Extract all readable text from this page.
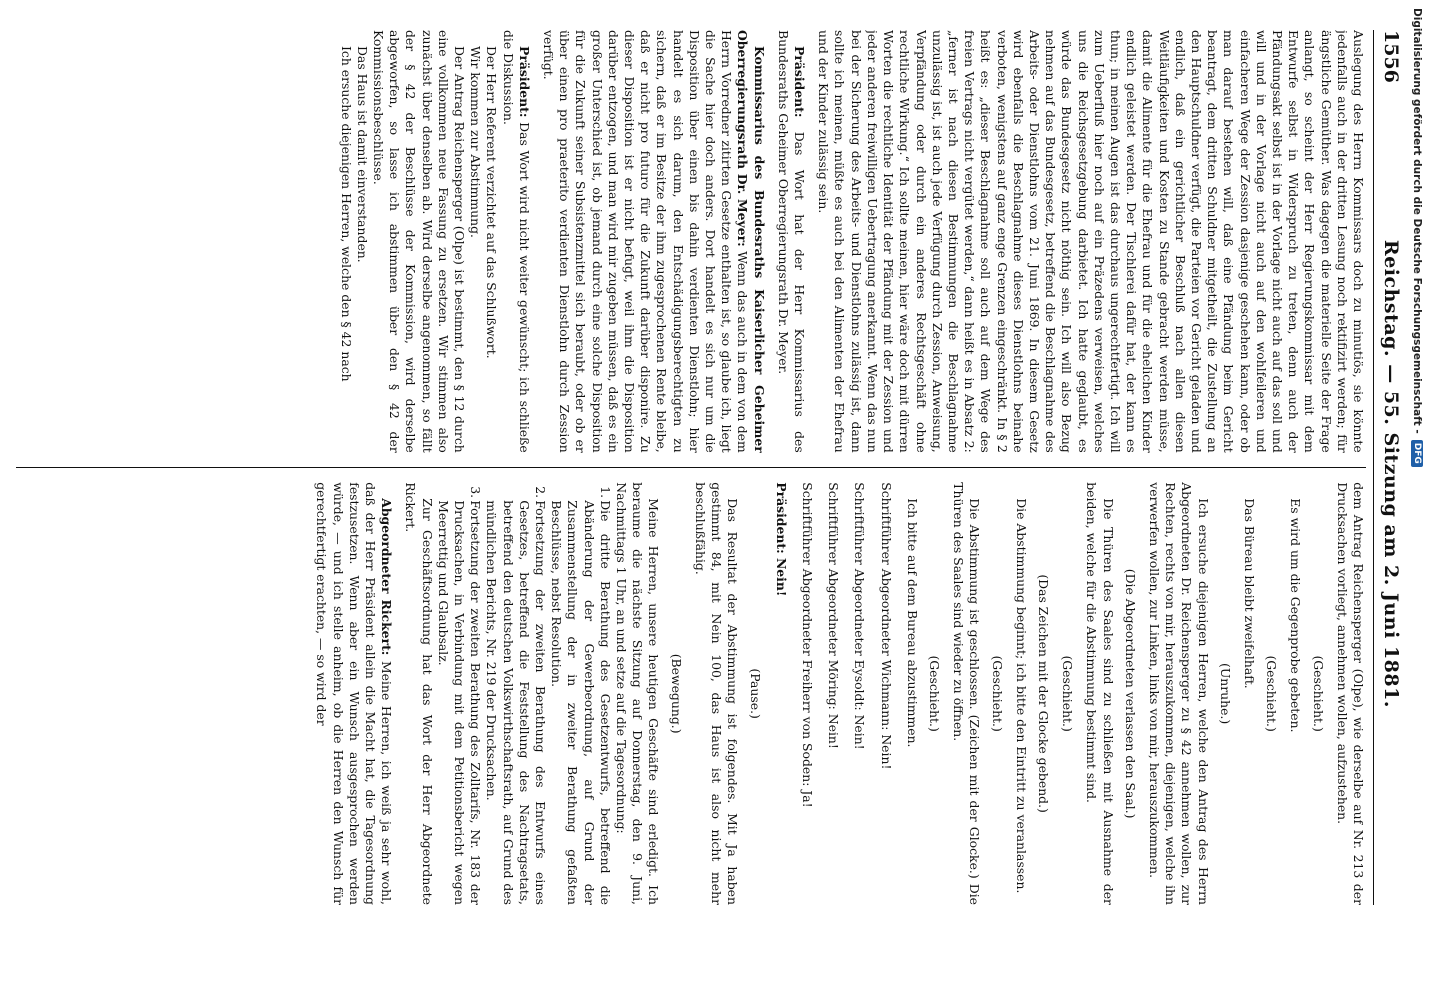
1556
Reichstag. — 55. Sitzung am 2. Juni 1881.

Auslegung des Herrn Kommissars doch zu minutiös, sie könnte jedenfalls auch in der dritten Lesung noch rektifizirt werden; für ängstliche Gemüther. Was dagegen die materielle Seite der Frage anlangt, so scheint der Herr Regierungskommissar mit dem Entwurfe selbst in Widerspruch zu treten, denn auch der Pfändungsakt selbst ist in der Vorlage nicht auch auf das soll und will und in der Vorlage nicht auch auf den wohlfeileren und einfacheren Wege der Zession dasjenige geschehen kann, oder ob man darauf bestehen will, daß eine Pfändung beim Gericht beantragt, dem dritten Schuldner mitgetheilt, die Zustellung an den Hauptschuldner verfügt, die Parteien vor Gericht geladen und endlich, daß ein gerichtlicher Beschluß nach allen diesen Weitläufigkeiten und Kosten zu Stande gebracht werden müsse, damit die Alimente für die Ehefrau und für die ehelichen Kinder endlich geleistet werden. Der Tischlerei dafür hat, der kann es thun; in meinen Augen ist das durchaus ungerechtfertigt. Ich will zum Ueberfluß hier noch auf ein Präzedens verweisen, welches uns die Reichsgesetzgebung darbietet. Ich hatte geglaubt, es würde das Bundesgesetz nicht nöthig sein. Ich will also Bezug nehmen auf das Bundesgesetz, betreffend die Beschlagnahme des Arbeits- oder Dienstlohns vom 21. Juni 1869. In diesem Gesetz wird ebenfalls die Beschlagnahme dieses Dienstlohns beinahe verboten, wenigstens auf ganz enge Grenzen eingeschränkt. In § 2 heißt es: „dieser Beschlagnahme soll auch auf dem Wege des freien Vertrags nicht vergütet werden,“ dann heißt es in Absatz 2: „ferner ist nach diesen Bestimmungen die Beschlagnahme unzulässig ist, ist auch jede Verfügung durch Zession, Anweisung, Verpfändung oder durch ein anderes Rechtsgeschäft ohne rechtliche Wirkung.“ Ich sollte meinen, hier wäre doch mit dürren Worten die rechtliche Identität der Pfändung mit der Zession und jeder anderen freiwilligen Uebertragung anerkannt. Wenn das nun bei der Sicherung des Arbeits- und Dienstlohns zulässig ist, dann sollte ich meinen, müßte es auch bei den Alimenten der Ehefrau und der Kinder zulässig sein.

Präsident: Das Wort hat der Herr Kommissarius des Bundesraths Geheimer Oberregierungsrath Dr. Meyer.

Kommissarius des Bundesraths Kaiserlicher Geheimer Oberregierungsrath Dr. Meyer: Wenn das auch in dem von dem Herrn Vorredner zitirten Gesetze enthalten ist, so glaube ich, liegt die Sache hier doch anders. Dort handelt es sich nur um die Disposition über einen bis dahin verdienten Dienstlohn; hier handelt es sich darum, den Entschädigungsberechtigten zu sichern, daß er im Besitze der ihm zugesprochenen Rente bleibe, daß er nicht pro futuro für die Zukunft darüber disponire. Zu dieser Disposition ist er nicht befugt, weil ihm die Disposition darüber entzogen, und man wird mir zugeben müssen, daß es ein großer Unterschied ist, ob jemand durch eine solche Disposition für die Zukunft seiner Subsistenzmittel sich beraubt, oder ob er über einen pro praeterito verdienten Dienstlohn durch Zession verfügt.

Präsident: Das Wort wird nicht weiter gewünscht; ich schließe die Diskussion.

Der Herr Referent verzichtet auf das Schlußwort.

Wir kommen zur Abstimmung.

Der Antrag Reichensperger (Olpe) ist bestimmt, den § 12 durch eine vollkommen neue Fassung zu ersetzen. Wir stimmen also zunächst über denselben ab. Wird derselbe angenommen, so fällt der § 42 der Beschlüsse der Kommission, wird derselbe abgeworfen, so lasse ich abstimmen über den § 42 der Kommissionsbeschlüsse.

Das Haus ist damit einverstanden.

Ich ersuche diejenigen Herren, welche den § 42 nach

dem Antrag Reichensperger (Olpe), wie derselbe auf Nr. 213 der Drucksachen vorliegt, annehmen wollen, aufzustehen.

(Geschieht.)

Es wird um die Gegenprobe gebeten.

(Geschieht.)

Das Büreau bleibt zweifelhaft.

(Unruhe.)

Ich ersuche diejenigen Herren, welche den Antrag des Herrn Abgeordneten Dr. Reichensperger zu § 42 annehmen wollen, zur Rechten, rechts von mir, herauszukommen, diejenigen, welche ihn verwerfen wollen, zur Linken, links von mir, herauszukommen.

(Die Abgeordneten verlassen den Saal.)

Die Thüren des Saales sind zu schließen mit Ausnahme der beiden, welche für die Abstimmung bestimmt sind.

(Geschieht.)

(Das Zeichen mit der Glocke gebend.)

Die Abstimmung beginnt; ich bitte den Eintritt zu veranlassen.

(Geschieht.)

Die Abstimmung ist geschlossen. (Zeichen mit der Glocke.) Die Thüren des Saales sind wieder zu öffnen.

(Geschieht.)

Ich bitte auf dem Bureau abzustimmen.

Schriftführer Abgeordneter Wichmann: Nein!

Schriftführer Abgeordneter Eysoldt: Nein!

Schriftführer Abgeordneter Möring: Nein!

Schriftführer Abgeordneter Freiherr von Soden: Ja!

Präsident: Nein!

(Pause.)

Das Resultat der Abstimmung ist folgendes. Mit Ja haben gestimmt 84, mit Nein 100, das Haus ist also nicht mehr beschlußfähig.

(Bewegung.)

Meine Herren, unsere heutigen Geschäfte sind erledigt. Ich beraume die nächste Sitzung auf Donnerstag, den 9. Juni, Nachmittags 1 Uhr, an und setze auf die Tagesordnung:

1.Die dritte Berathung des Gesetzentwurfs, betreffend die Abänderung der Gewerbeordnung, auf Grund der Zusammenstellung der in zweiter Berathung gefaßten Beschlüsse, nebst Resolution.

2.Fortsetzung der zweiten Berathung des Entwurfs eines Gesetzes, betreffend die Feststellung des Nachtragsetats, betreffend den deutschen Volkswirthschaftsrath, auf Grund des mündlichen Berichts, Nr. 219 der Drucksachen.

3.Fortsetzung der zweiten Berathung des Zolltarifs, Nr. 183 der Drucksachen, in Verbindung mit dem Petitionsbericht wegen Meerrettig und Glaubsalz.

Zur Geschäftsordnung hat das Wort der Herr Abgeordnete Rickert.

Abgeordneter Rickert: Meine Herren, ich weiß ja sehr wohl, daß der Herr Präsident allein die Macht hat, die Tagesordnung festzusetzen. Wenn aber ein Wunsch ausgesprochen werden würde, — und ich stelle anheim, ob die Herren den Wunsch für gerechtfertigt erachten, — so wird der

Digitalisierung gefördert durch die Deutsche Forschungsgemeinschaft -
DFG
